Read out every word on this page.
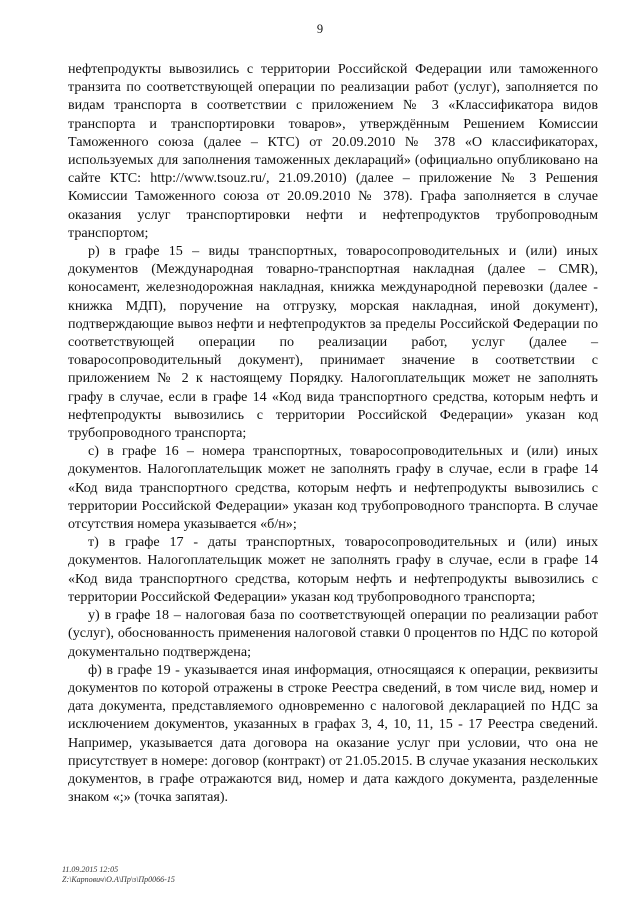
9

нефтепродукты вывозились с территории Российской Федерации или таможенного транзита по соответствующей операции по реализации работ (услуг), заполняется по видам транспорта в соответствии с приложением № 3 «Классификатора видов транспорта и транспортировки товаров», утверждённым Решением Комиссии Таможенного союза (далее – КТС) от 20.09.2010 № 378 «О классификаторах, используемых для заполнения таможенных деклараций» (официально опубликовано на сайте КТС: http://www.tsouz.ru/, 21.09.2010) (далее – приложение № 3 Решения Комиссии Таможенного союза от 20.09.2010 № 378). Графа заполняется в случае оказания услуг транспортировки нефти и нефтепродуктов трубопроводным транспортом;

р) в графе 15 – виды транспортных, товаросопроводительных и (или) иных документов (Международная товарно-транспортная накладная (далее – CMR), коносамент, железнодорожная накладная, книжка международной перевозки (далее - книжка МДП), поручение на отгрузку, морская накладная, иной документ), подтверждающие вывоз нефти и нефтепродуктов за пределы Российской Федерации по соответствующей операции по реализации работ, услуг (далее – товаросопроводительный документ), принимает значение в соответствии с приложением № 2 к настоящему Порядку. Налогоплательщик может не заполнять графу в случае, если в графе 14 «Код вида транспортного средства, которым нефть и нефтепродукты вывозились с территории Российской Федерации» указан код трубопроводного транспорта;

с) в графе 16 – номера транспортных, товаросопроводительных и (или) иных документов. Налогоплательщик может не заполнять графу в случае, если в графе 14 «Код вида транспортного средства, которым нефть и нефтепродукты вывозились с территории Российской Федерации» указан код трубопроводного транспорта. В случае отсутствия номера указывается «б/н»;

т) в графе 17 - даты транспортных, товаросопроводительных и (или) иных документов. Налогоплательщик может не заполнять графу в случае, если в графе 14 «Код вида транспортного средства, которым нефть и нефтепродукты вывозились с территории Российской Федерации» указан код трубопроводного транспорта;

у) в графе 18 – налоговая база по соответствующей операции по реализации работ (услуг), обоснованность применения налоговой ставки 0 процентов по НДС по которой документально подтверждена;

ф) в графе 19 - указывается иная информация, относящаяся к операции, реквизиты документов по которой отражены в строке Реестра сведений, в том числе вид, номер и дата документа, представляемого одновременно с налоговой декларацией по НДС за исключением документов, указанных в графах 3, 4, 10, 11, 15 - 17 Реестра сведений. Например, указывается дата договора на оказание услуг при условии, что она не присутствует в номере: договор (контракт) от 21.05.2015. В случае указания нескольких документов, в графе отражаются вид, номер и дата каждого документа, разделенные знаком «;» (точка запятая).

11.09.2015 12:05
Z:\Карпович\О.А\Пр\з\Пр0066-15
